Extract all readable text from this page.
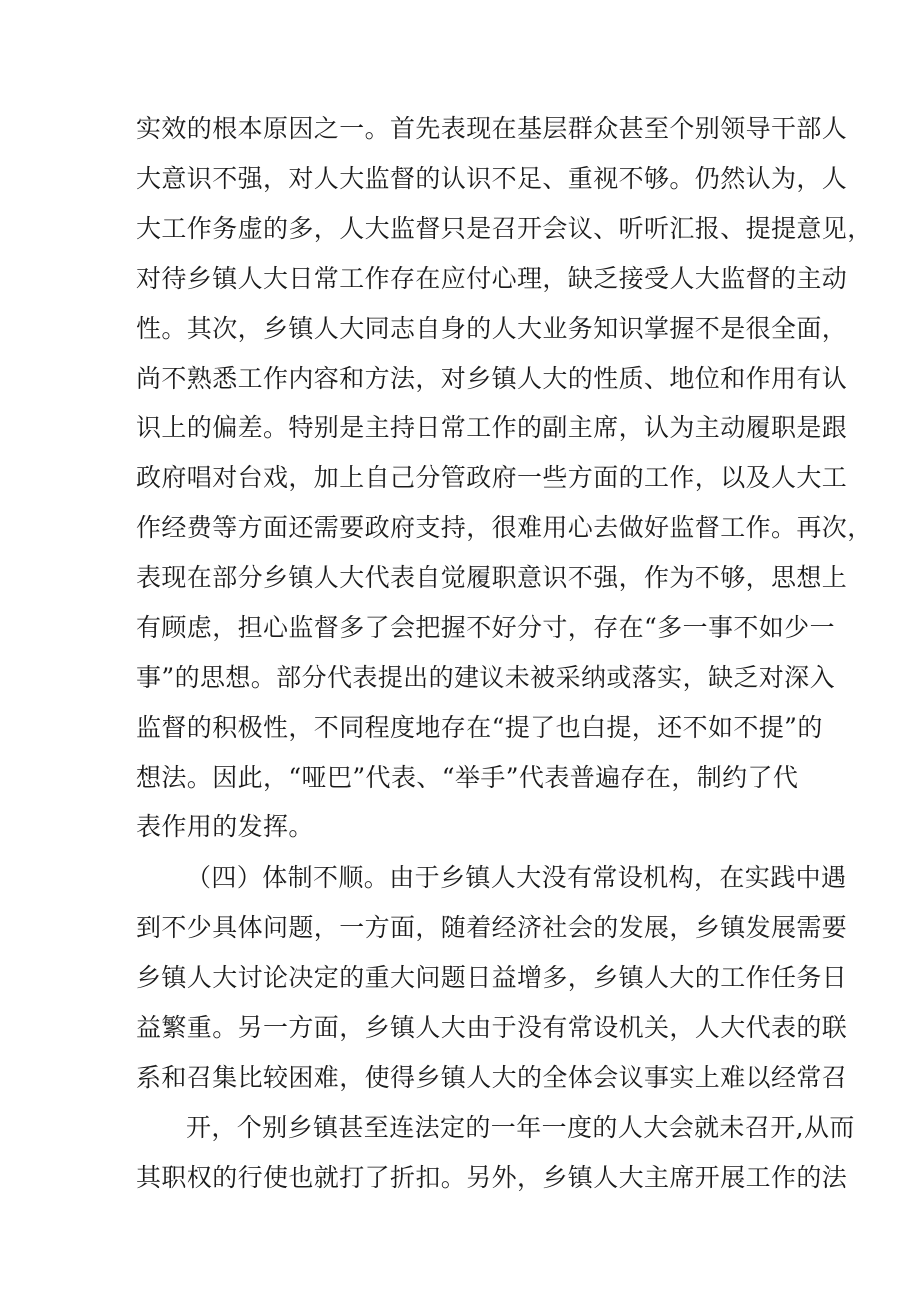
实效的根本原因之一。首先表现在基层群众甚至个别领导干部人

大意识不强，对人大监督的认识不足、重视不够。仍然认为，人

大工作务虚的多，人大监督只是召开会议、听听汇报、提提意见，

对待乡镇人大日常工作存在应付心理，缺乏接受人大监督的主动

性。其次，乡镇人大同志自身的人大业务知识掌握不是很全面，

尚不熟悉工作内容和方法，对乡镇人大的性质、地位和作用有认

识上的偏差。特别是主持日常工作的副主席，认为主动履职是跟

政府唱对台戏，加上自己分管政府一些方面的工作，以及人大工

作经费等方面还需要政府支持，很难用心去做好监督工作。再次，

表现在部分乡镇人大代表自觉履职意识不强，作为不够，思想上

有顾虑，担心监督多了会把握不好分寸，存在“多一事不如少一

事”的思想。部分代表提出的建议未被采纳或落实，缺乏对深入

监督的积极性，不同程度地存在“提了也白提，还不如不提”的

想法。因此，“哑巴”代表、“举手”代表普遍存在，制约了代

表作用的发挥。

（四）体制不顺。由于乡镇人大没有常设机构，在实践中遇

到不少具体问题，一方面，随着经济社会的发展，乡镇发展需要

乡镇人大讨论决定的重大问题日益增多，乡镇人大的工作任务日

益繁重。另一方面，乡镇人大由于没有常设机关，人大代表的联

系和召集比较困难，使得乡镇人大的全体会议事实上难以经常召

开，个别乡镇甚至连法定的一年一度的人大会就未召开,从而

其职权的行使也就打了折扣。另外，乡镇人大主席开展工作的法
